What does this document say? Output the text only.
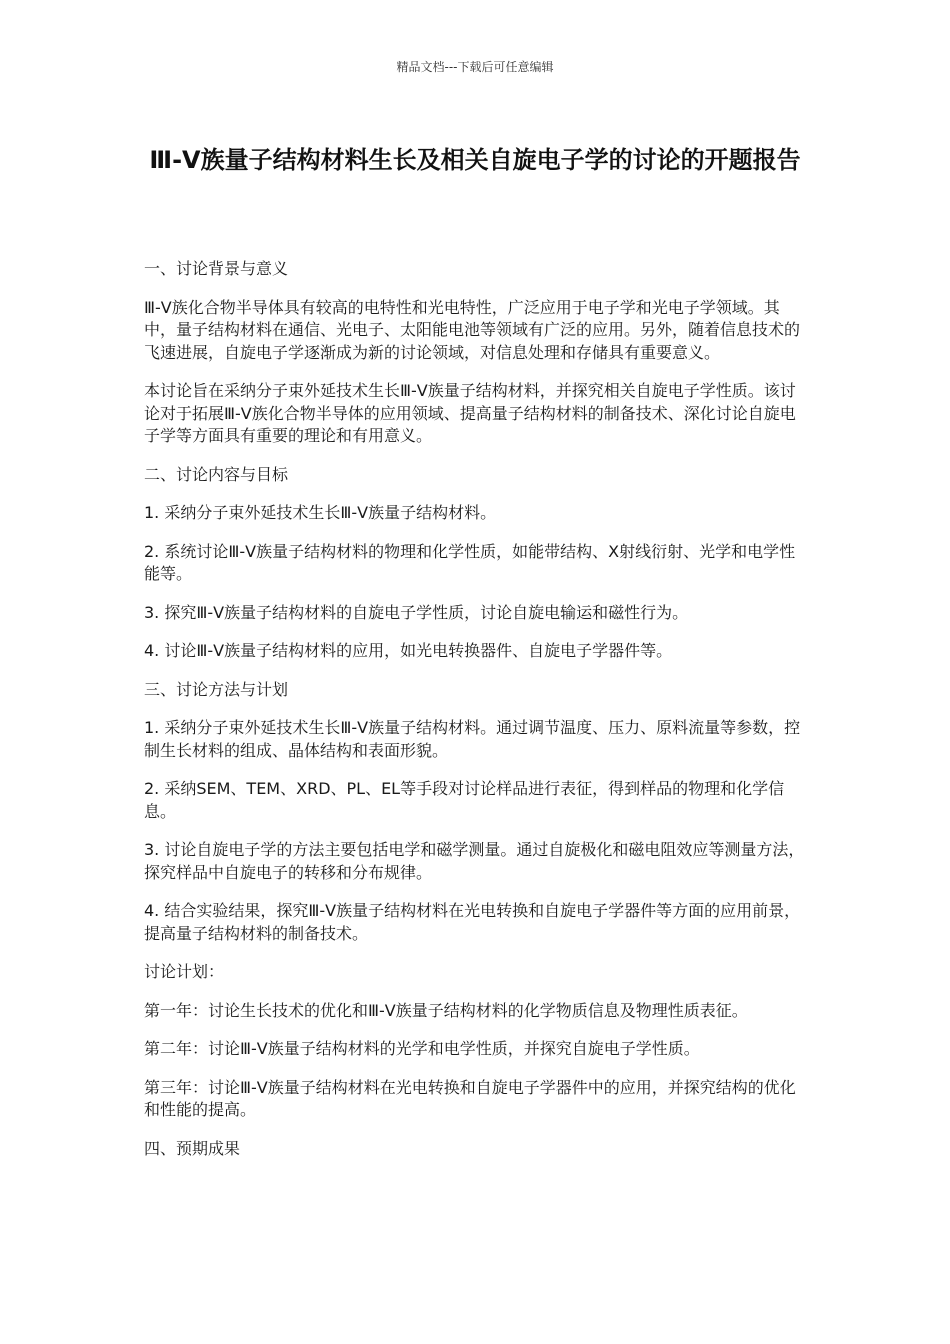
精品文档---下载后可任意编辑
Ⅲ-Ⅴ族量子结构材料生长及相关自旋电子学的讨论的开题报告

一、讨论背景与意义

Ⅲ-Ⅴ族化合物半导体具有较高的电特性和光电特性，广泛应用于电子学和光电子学领域。其中，量子结构材料在通信、光电子、太阳能电池等领域有广泛的应用。另外，随着信息技术的飞速进展，自旋电子学逐渐成为新的讨论领域，对信息处理和存储具有重要意义。

本讨论旨在采纳分子束外延技术生长Ⅲ-Ⅴ族量子结构材料，并探究相关自旋电子学性质。该讨论对于拓展Ⅲ-Ⅴ族化合物半导体的应用领域、提高量子结构材料的制备技术、深化讨论自旋电子学等方面具有重要的理论和有用意义。

二、讨论内容与目标

1. 采纳分子束外延技术生长Ⅲ-Ⅴ族量子结构材料。

2. 系统讨论Ⅲ-Ⅴ族量子结构材料的物理和化学性质，如能带结构、X射线衍射、光学和电学性能等。

3. 探究Ⅲ-Ⅴ族量子结构材料的自旋电子学性质，讨论自旋电输运和磁性行为。

4. 讨论Ⅲ-Ⅴ族量子结构材料的应用，如光电转换器件、自旋电子学器件等。

三、讨论方法与计划

1. 采纳分子束外延技术生长Ⅲ-Ⅴ族量子结构材料。通过调节温度、压力、原料流量等参数，控制生长材料的组成、晶体结构和表面形貌。

2. 采纳SEM、TEM、XRD、PL、EL等手段对讨论样品进行表征，得到样品的物理和化学信息。

3. 讨论自旋电子学的方法主要包括电学和磁学测量。通过自旋极化和磁电阻效应等测量方法，探究样品中自旋电子的转移和分布规律。

4. 结合实验结果，探究Ⅲ-Ⅴ族量子结构材料在光电转换和自旋电子学器件等方面的应用前景，提高量子结构材料的制备技术。

讨论计划：

第一年：讨论生长技术的优化和Ⅲ-Ⅴ族量子结构材料的化学物质信息及物理性质表征。

第二年：讨论Ⅲ-Ⅴ族量子结构材料的光学和电学性质，并探究自旋电子学性质。

第三年：讨论Ⅲ-Ⅴ族量子结构材料在光电转换和自旋电子学器件中的应用，并探究结构的优化和性能的提高。

四、预期成果
